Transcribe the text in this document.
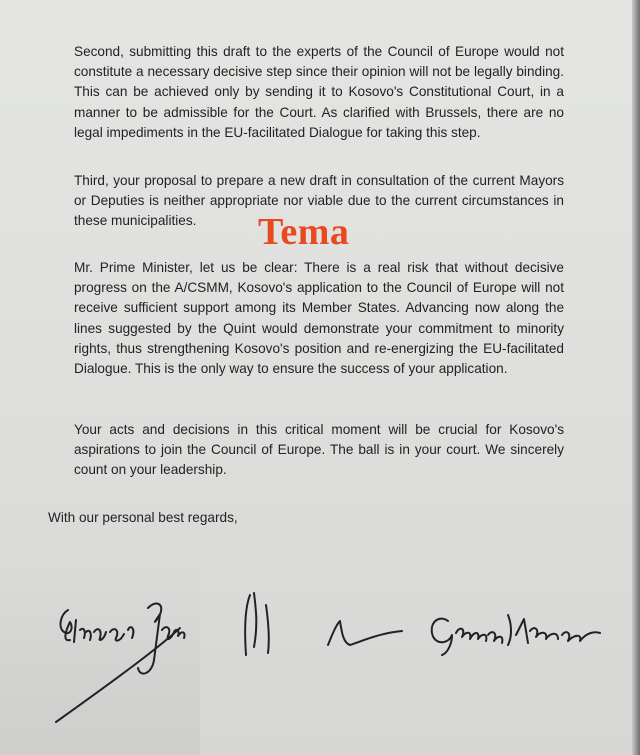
Second, submitting this draft to the experts of the Council of Europe would not constitute a necessary decisive step since their opinion will not be legally binding. This can be achieved only by sending it to Kosovo's Constitutional Court, in a manner to be admissible for the Court. As clarified with Brussels, there are no legal impediments in the EU-facilitated Dialogue for taking this step.

Third, your proposal to prepare a new draft in consultation of the current Mayors or Deputies is neither appropriate nor viable due to the current circumstances in these municipalities.	Tema

Mr. Prime Minister, let us be clear: There is a real risk that without decisive progress on the A/CSMM, Kosovo's application to the Council of Europe will not receive sufficient support among its Member States. Advancing now along the lines suggested by the Quint would demonstrate your commitment to minority rights, thus strengthening Kosovo's position and re-energizing the EU-facilitated Dialogue. This is the only way to ensure the success of your application.

Your acts and decisions in this critical moment will be crucial for Kosovo's aspirations to join the Council of Europe. The ball is in your court. We sincerely count on your leadership.

With our personal best regards,
